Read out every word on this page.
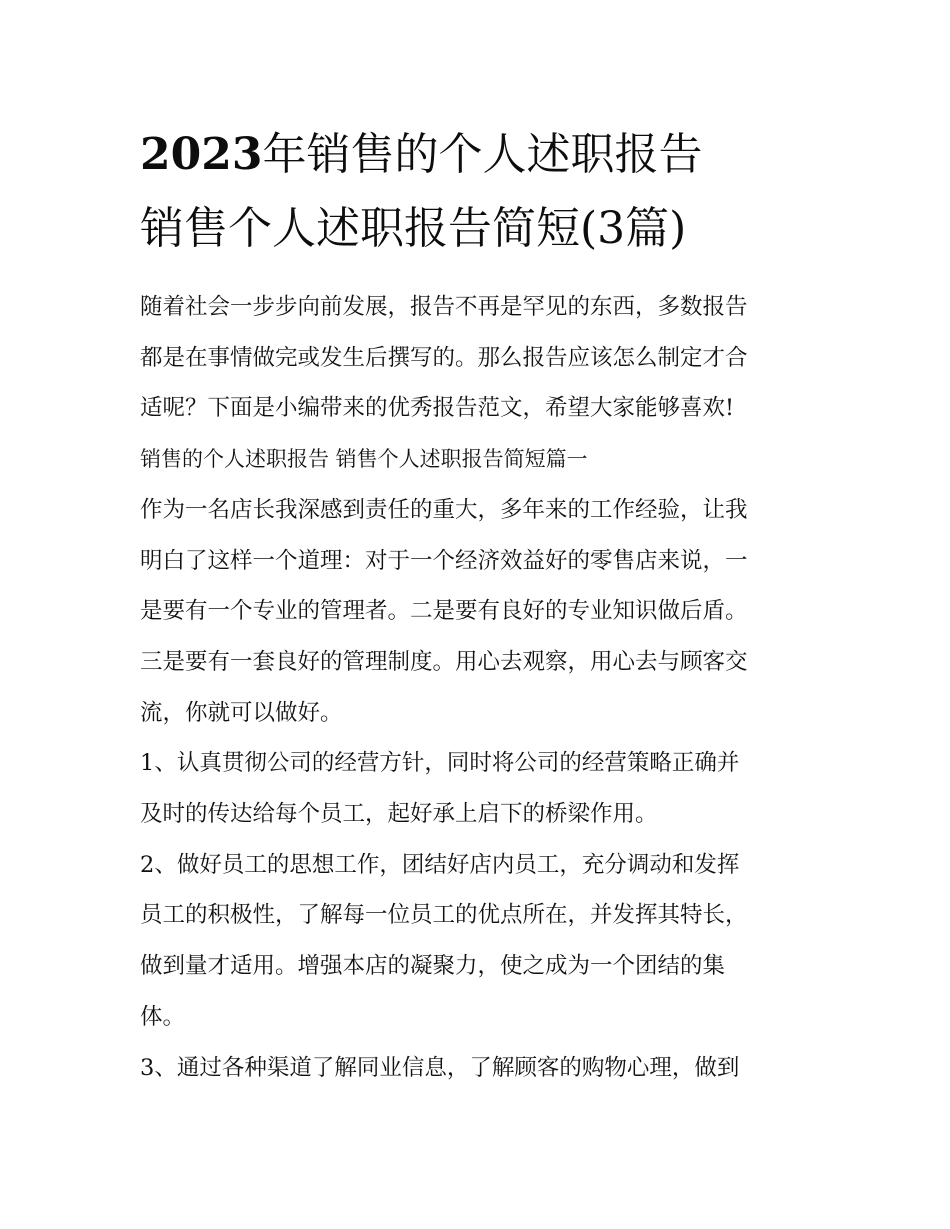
2023年销售的个人述职报告
销售个人述职报告简短(3篇)
随着社会一步步向前发展，报告不再是罕见的东西，多数报告
都是在事情做完或发生后撰写的。那么报告应该怎么制定才合
适呢？下面是小编带来的优秀报告范文，希望大家能够喜欢!
销售的个人述职报告 销售个人述职报告简短篇一
作为一名店长我深感到责任的重大，多年来的工作经验，让我
明白了这样一个道理：对于一个经济效益好的零售店来说，一
是要有一个专业的管理者。二是要有良好的专业知识做后盾。
三是要有一套良好的管理制度。用心去观察，用心去与顾客交
流，你就可以做好。
1、认真贯彻公司的经营方针，同时将公司的经营策略正确并
及时的传达给每个员工，起好承上启下的桥梁作用。
2、做好员工的思想工作，团结好店内员工，充分调动和发挥
员工的积极性，了解每一位员工的优点所在，并发挥其特长，
做到量才适用。增强本店的凝聚力，使之成为一个团结的集
体。
3、通过各种渠道了解同业信息，了解顾客的购物心理，做到
